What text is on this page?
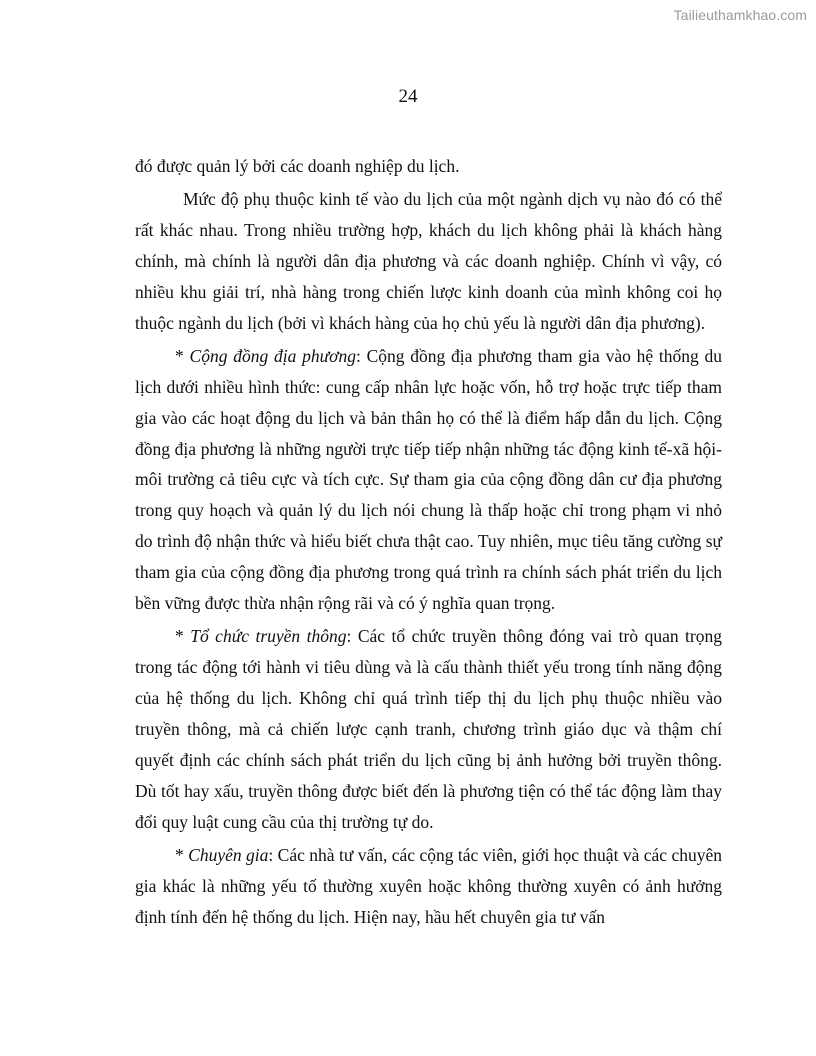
Tailieuthamkhao.com
24

đó được quản lý bởi các doanh nghiệp du lịch.

Mức độ phụ thuộc kinh tế vào du lịch của một ngành dịch vụ nào đó có thể rất khác nhau. Trong nhiều trường hợp, khách du lịch không phải là khách hàng chính, mà chính là người dân địa phương và các doanh nghiệp. Chính vì vậy, có nhiều khu giải trí, nhà hàng trong chiến lược kinh doanh của mình không coi họ thuộc ngành du lịch (bởi vì khách hàng của họ chủ yếu là người dân địa phương).

* Cộng đồng địa phương: Cộng đồng địa phương tham gia vào hệ thống du lịch dưới nhiều hình thức: cung cấp nhân lực hoặc vốn, hỗ trợ hoặc trực tiếp tham gia vào các hoạt động du lịch và bản thân họ có thể là điểm hấp dẫn du lịch. Cộng đồng địa phương là những người trực tiếp tiếp nhận những tác động kinh tế-xã hội-môi trường cả tiêu cực và tích cực. Sự tham gia của cộng đồng dân cư địa phương trong quy hoạch và quản lý du lịch nói chung là thấp hoặc chỉ trong phạm vi nhỏ do trình độ nhận thức và hiểu biết chưa thật cao. Tuy nhiên, mục tiêu tăng cường sự tham gia của cộng đồng địa phương trong quá trình ra chính sách phát triển du lịch bền vững được thừa nhận rộng rãi và có ý nghĩa quan trọng.

* Tổ chức truyền thông: Các tổ chức truyền thông đóng vai trò quan trọng trong tác động tới hành vi tiêu dùng và là cấu thành thiết yếu trong tính năng động của hệ thống du lịch. Không chỉ quá trình tiếp thị du lịch phụ thuộc nhiều vào truyền thông, mà cả chiến lược cạnh tranh, chương trình giáo dục và thậm chí quyết định các chính sách phát triển du lịch cũng bị ảnh hưởng bởi truyền thông. Dù tốt hay xấu, truyền thông được biết đến là phương tiện có thể tác động làm thay đổi quy luật cung cầu của thị trường tự do.

* Chuyên gia: Các nhà tư vấn, các cộng tác viên, giới học thuật và các chuyên gia khác là những yếu tố thường xuyên hoặc không thường xuyên có ảnh hưởng định tính đến hệ thống du lịch. Hiện nay, hầu hết chuyên gia tư vấn
